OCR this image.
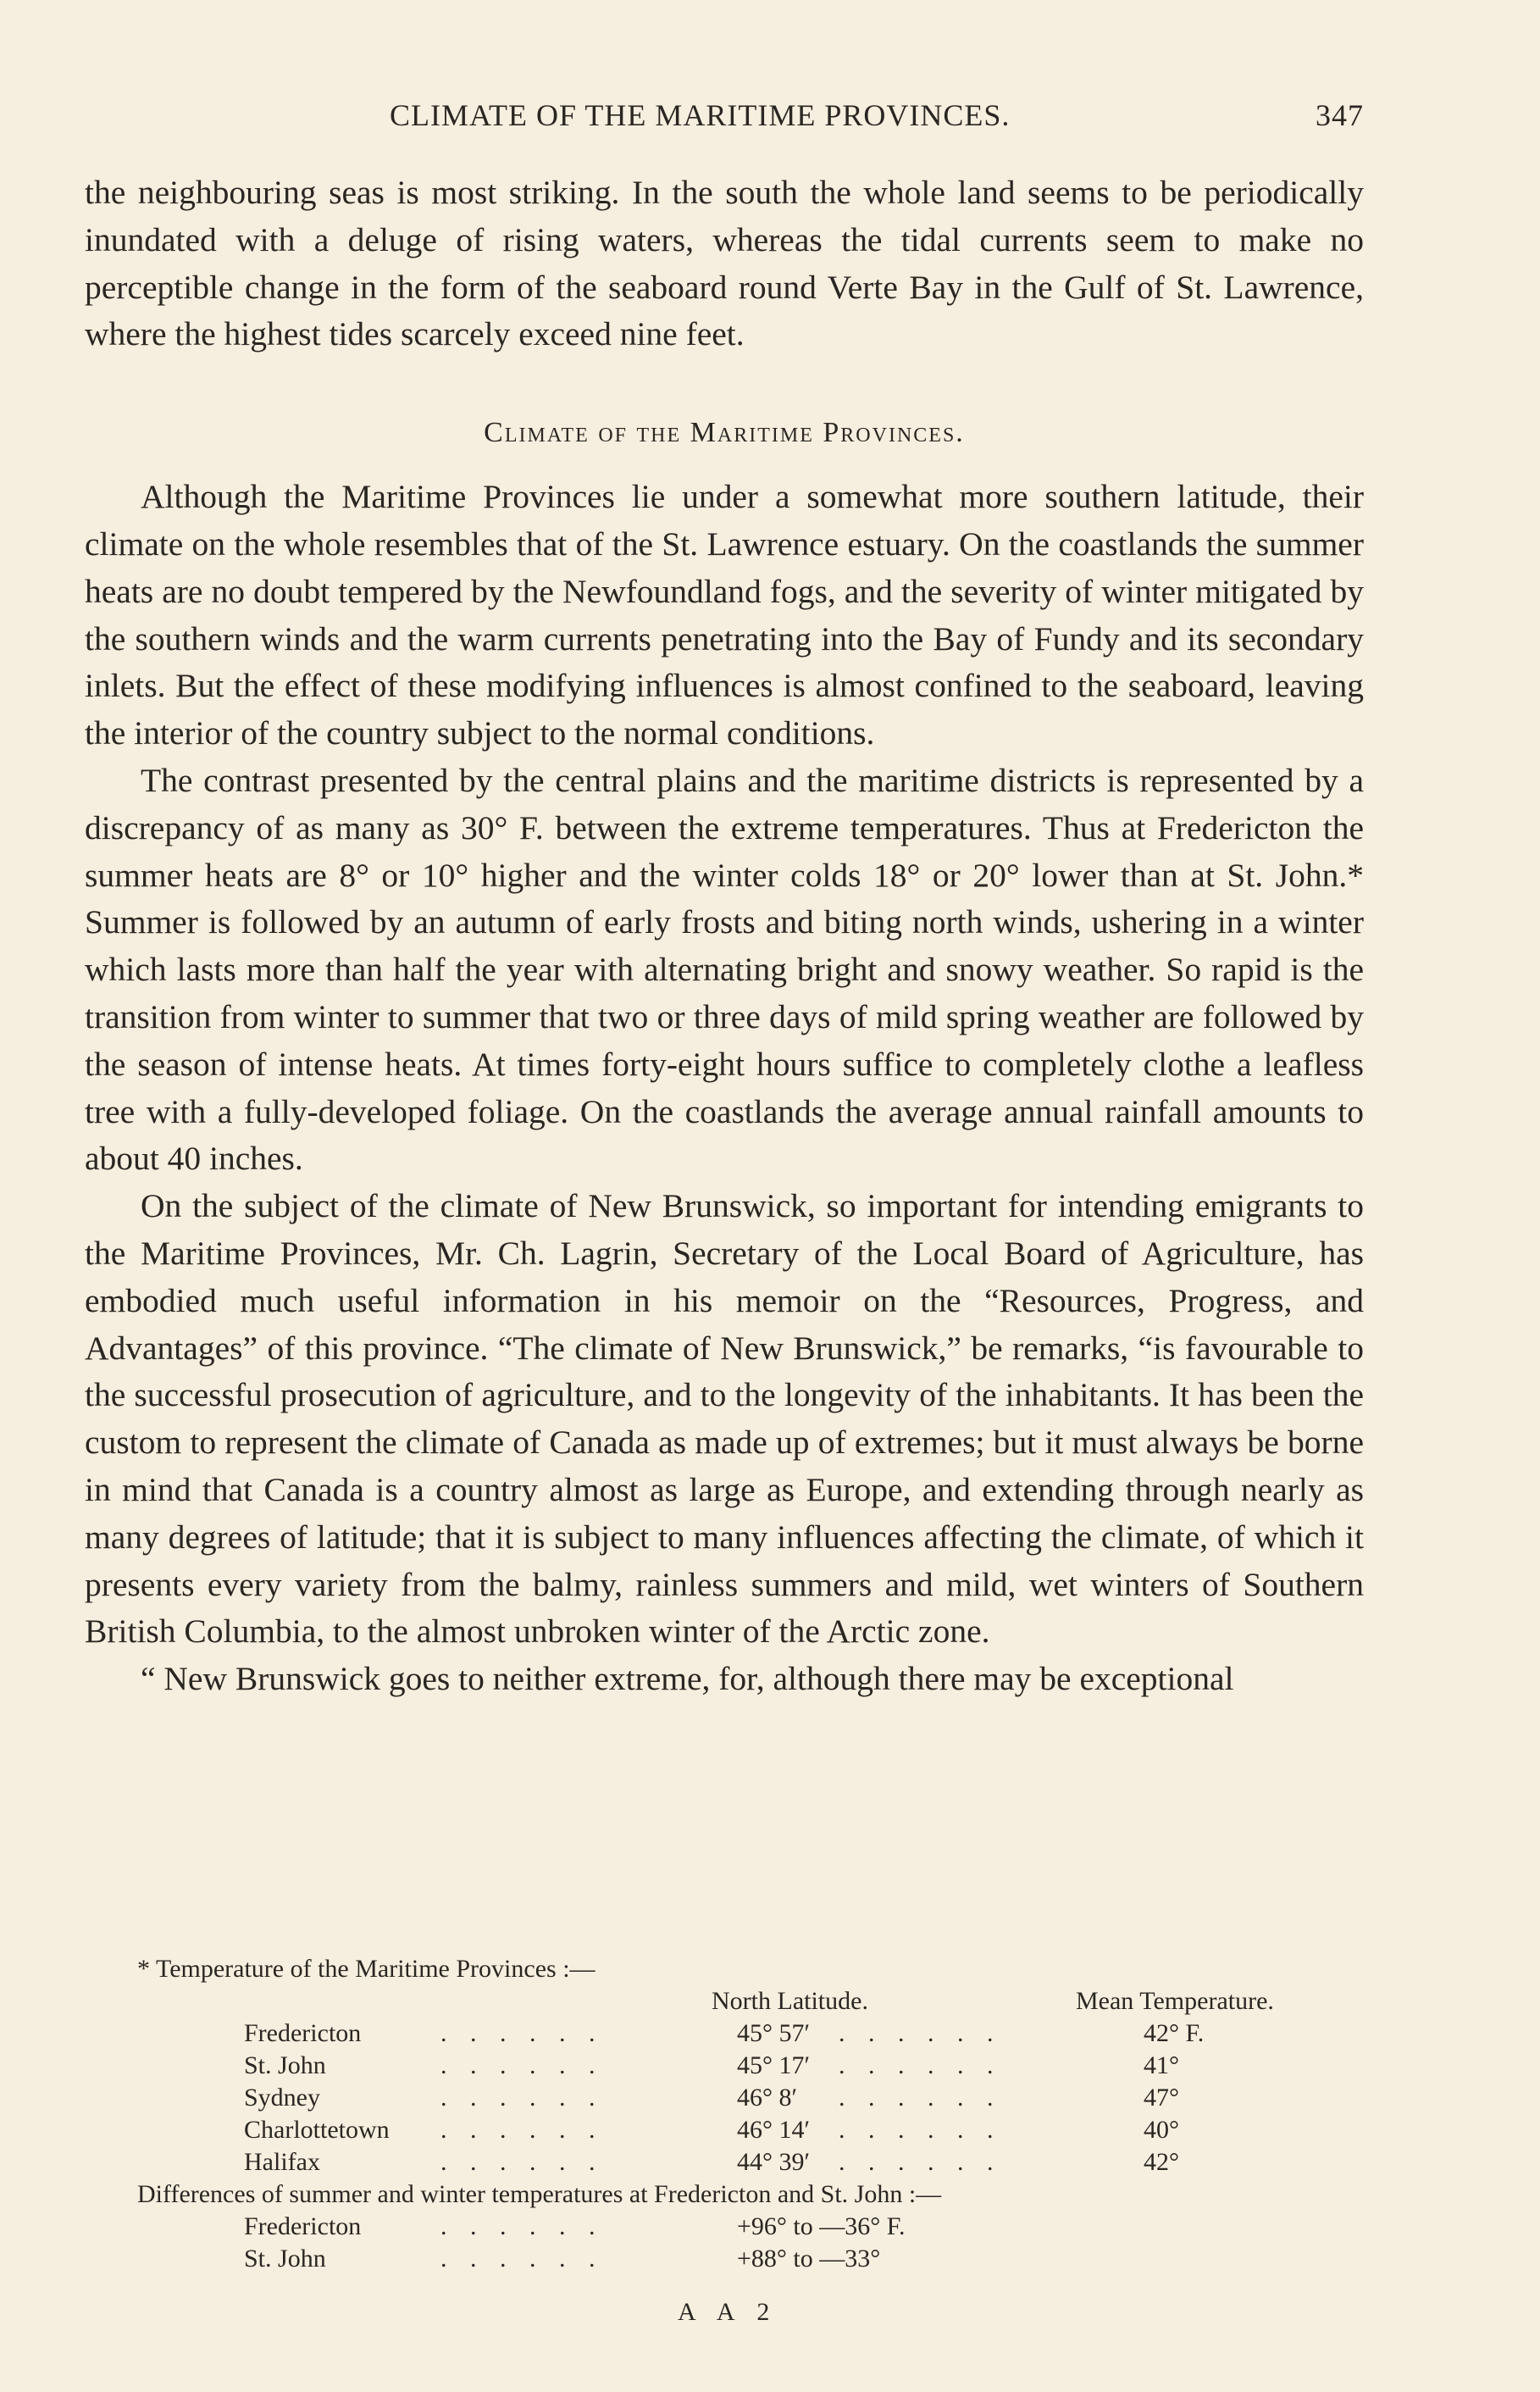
CLIMATE OF THE MARITIME PROVINCES.	347

the neighbouring seas is most striking. In the south the whole land seems to be periodically inundated with a deluge of rising waters, whereas the tidal currents seem to make no perceptible change in the form of the seaboard round Verte Bay in the Gulf of St. Lawrence, where the highest tides scarcely exceed nine feet.

Climate of the Maritime Provinces.

Although the Maritime Provinces lie under a somewhat more southern latitude, their climate on the whole resembles that of the St. Lawrence estuary. On the coastlands the summer heats are no doubt tempered by the Newfoundland fogs, and the severity of winter mitigated by the southern winds and the warm currents penetrating into the Bay of Fundy and its secondary inlets. But the effect of these modifying influences is almost confined to the seaboard, leaving the interior of the country subject to the normal conditions.

The contrast presented by the central plains and the maritime districts is represented by a discrepancy of as many as 30° F. between the extreme temperatures. Thus at Fredericton the summer heats are 8° or 10° higher and the winter colds 18° or 20° lower than at St. John.* Summer is followed by an autumn of early frosts and biting north winds, ushering in a winter which lasts more than half the year with alternating bright and snowy weather. So rapid is the transition from winter to summer that two or three days of mild spring weather are followed by the season of intense heats. At times forty-eight hours suffice to completely clothe a leafless tree with a fully-developed foliage. On the coastlands the average annual rainfall amounts to about 40 inches.

On the subject of the climate of New Brunswick, so important for intending emigrants to the Maritime Provinces, Mr. Ch. Lagrin, Secretary of the Local Board of Agriculture, has embodied much useful information in his memoir on the “Resources, Progress, and Advantages” of this province. “The climate of New Brunswick,” be remarks, “is favourable to the successful prosecution of agriculture, and to the longevity of the inhabitants. It has been the custom to represent the climate of Canada as made up of extremes; but it must always be borne in mind that Canada is a country almost as large as Europe, and extending through nearly as many degrees of latitude; that it is subject to many influences affecting the climate, of which it presents every variety from the balmy, rainless summers and mild, wet winters of Southern British Columbia, to the almost unbroken winter of the Arctic zone.

“ New Brunswick goes to neither extreme, for, although there may be exceptional

* Temperature of the Maritime Provinces :—
North Latitude.	Mean Temperature.
Fredericton	. . . . . .	45° 57′ . . . . . .	42° F.
St. John	. . . . . .	45° 17′ . . . . . .	41°
Sydney	. . . . . .	46° 8′ . . . . . .	47°
Charlottetown . . . . . .	46° 14′ . . . . . .	40°
Halifax	. . . . . .	44° 39′ . . . . . .	42°
Differences of summer and winter temperatures at Fredericton and St. John :—
Fredericton	. . . . . .	+96° to —36° F.
St. John	. . . . . .	+88° to —33°
A A 2
